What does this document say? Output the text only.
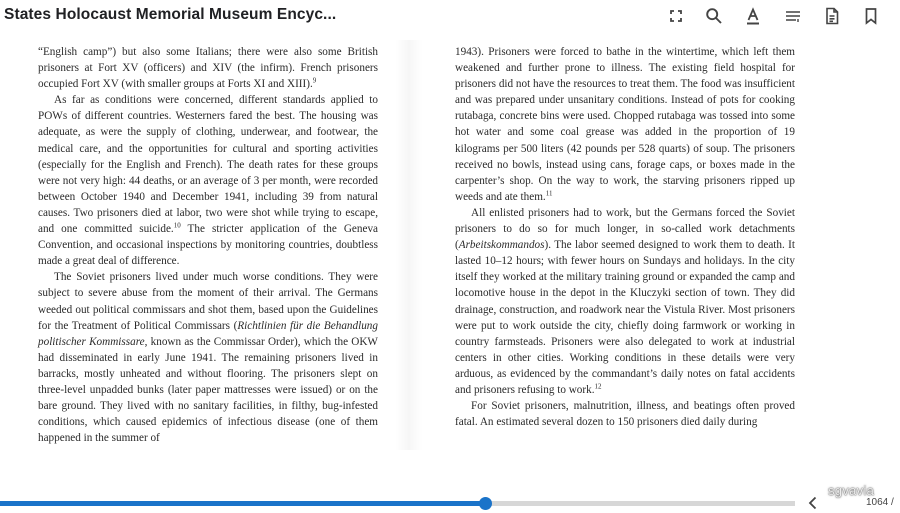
States Holocaust Memorial Museum Encyc...

“English camp”) but also some Italians; there were also some British prisoners at Fort XV (officers) and XIV (the infirm). French prisoners occupied Fort XV (with smaller groups at Forts XI and XIII).$^9$

As far as conditions were concerned, different standards applied to POWs of different countries. Westerners fared the best. The housing was adequate, as were the supply of clothing, underwear, and footwear, the medical care, and the opportunities for cultural and sporting activities (especially for the English and French). The death rates for these groups were not very high: 44 deaths, or an average of 3 per month, were recorded between October 1940 and December 1941, including 39 from natural causes. Two prisoners died at labor, two were shot while trying to escape, and one committed suicide.$^{10}$ The stricter application of the Geneva Convention, and occasional inspections by monitoring countries, doubtless made a great deal of difference.

The Soviet prisoners lived under much worse conditions. They were subject to severe abuse from the moment of their arrival. The Germans weeded out political commissars and shot them, based upon the Guidelines for the Treatment of Political Commissars (Richtlinien für die Behandlung politischer Kommissare, known as the Commissar Order), which the OKW had disseminated in early June 1941. The remaining prisoners lived in barracks, mostly unheated and without flooring. The prisoners slept on three-level unpadded bunks (later paper mattresses were issued) or on the bare ground. They lived with no sanitary facilities, in filthy, bug-infested conditions, which caused epidemics of infectious disease (one of them happened in the summer of

1943). Prisoners were forced to bathe in the wintertime, which left them weakened and further prone to illness. The existing field hospital for prisoners did not have the resources to treat them. The food was insufficient and was prepared under unsanitary conditions. Instead of pots for cooking rutabaga, concrete bins were used. Chopped rutabaga was tossed into some hot water and some coal grease was added in the proportion of 19 kilograms per 500 liters (42 pounds per 528 quarts) of soup. The prisoners received no bowls, instead using cans, forage caps, or boxes made in the carpenter’s shop. On the way to work, the starving prisoners ripped up weeds and ate them.$^{11}$

All enlisted prisoners had to work, but the Germans forced the Soviet prisoners to do so for much longer, in so-called work detachments (Arbeitskommandos). The labor seemed designed to work them to death. It lasted 10–12 hours; with fewer hours on Sundays and holidays. In the city itself they worked at the military training ground or expanded the camp and locomotive house in the depot in the Kluczyki section of town. They did drainage, construction, and roadwork near the Vistula River. Most prisoners were put to work outside the city, chiefly doing farmwork or working in country farmsteads. Prisoners were also delegated to work at industrial centers in other cities. Working conditions in these details were very arduous, as evidenced by the commandant’s daily notes on fatal accidents and prisoners refusing to work.$^{12}$

For Soviet prisoners, malnutrition, illness, and beatings often proved fatal. An estimated several dozen to 150 prisoners died daily during

sgvavia
1064 /
